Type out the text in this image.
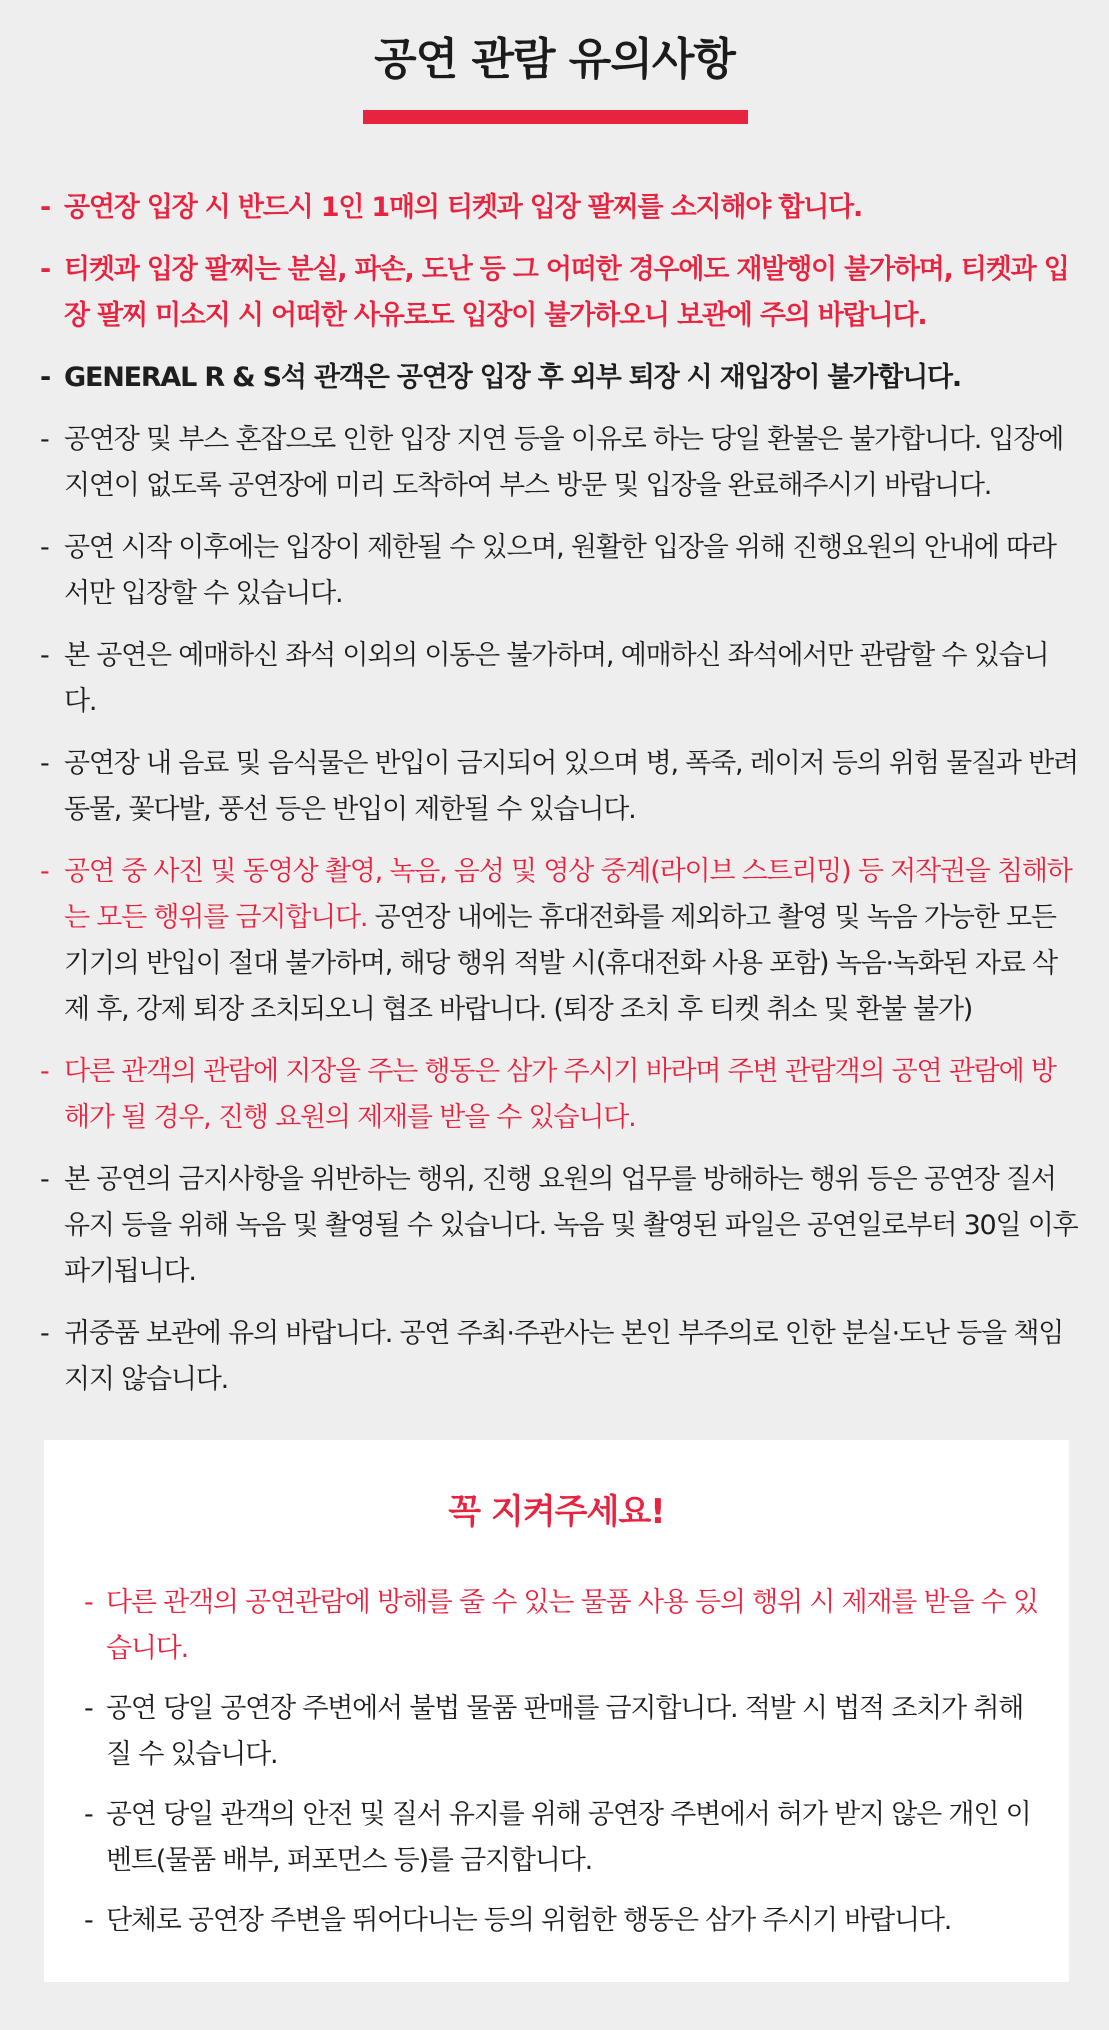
공연 관람 유의사항
- 공연장 입장 시 반드시 1인 1매의 티켓과 입장 팔찌를 소지해야 합니다.
- 티켓과 입장 팔찌는 분실, 파손, 도난 등 그 어떠한 경우에도 재발행이 불가하며, 티켓과 입장 팔찌 미소지 시 어떠한 사유로도 입장이 불가하오니 보관에 주의 바랍니다.
- GENERAL R & S석 관객은 공연장 입장 후 외부 퇴장 시 재입장이 불가합니다.
- 공연장 및 부스 혼잡으로 인한 입장 지연 등을 이유로 하는 당일 환불은 불가합니다. 입장에 지연이 없도록 공연장에 미리 도착하여 부스 방문 및 입장을 완료해주시기 바랍니다.
- 공연 시작 이후에는 입장이 제한될 수 있으며, 원활한 입장을 위해 진행요원의 안내에 따라서만 입장할 수 있습니다.
- 본 공연은 예매하신 좌석 이외의 이동은 불가하며, 예매하신 좌석에서만 관람할 수 있습니다.
- 공연장 내 음료 및 음식물은 반입이 금지되어 있으며 병, 폭죽, 레이저 등의 위험 물질과 반려동물, 꽃다발, 풍선 등은 반입이 제한될 수 있습니다.
- 공연 중 사진 및 동영상 촬영, 녹음, 음성 및 영상 중계(라이브 스트리밍) 등 저작권을 침해하는 모든 행위를 금지합니다. 공연장 내에는 휴대전화를 제외하고 촬영 및 녹음 가능한 모든 기기의 반입이 절대 불가하며, 해당 행위 적발 시(휴대전화 사용 포함) 녹음·녹화된 자료 삭제 후, 강제 퇴장 조치되오니 협조 바랍니다. (퇴장 조치 후 티켓 취소 및 환불 불가)
- 다른 관객의 관람에 지장을 주는 행동은 삼가 주시기 바라며 주변 관람객의 공연 관람에 방해가 될 경우, 진행 요원의 제재를 받을 수 있습니다.
- 본 공연의 금지사항을 위반하는 행위, 진행 요원의 업무를 방해하는 행위 등은 공연장 질서 유지 등을 위해 녹음 및 촬영될 수 있습니다. 녹음 및 촬영된 파일은 공연일로부터 30일 이후 파기됩니다.
- 귀중품 보관에 유의 바랍니다. 공연 주최·주관사는 본인 부주의로 인한 분실·도난 등을 책임지지 않습니다.
꼭 지켜주세요!
- 다른 관객의 공연관람에 방해를 줄 수 있는 물품 사용 등의 행위 시 제재를 받을 수 있습니다.
- 공연 당일 공연장 주변에서 불법 물품 판매를 금지합니다. 적발 시 법적 조치가 취해질 수 있습니다.
- 공연 당일 관객의 안전 및 질서 유지를 위해 공연장 주변에서 허가 받지 않은 개인 이벤트(물품 배부, 퍼포먼스 등)를 금지합니다.
- 단체로 공연장 주변을 뛰어다니는 등의 위험한 행동은 삼가 주시기 바랍니다.
